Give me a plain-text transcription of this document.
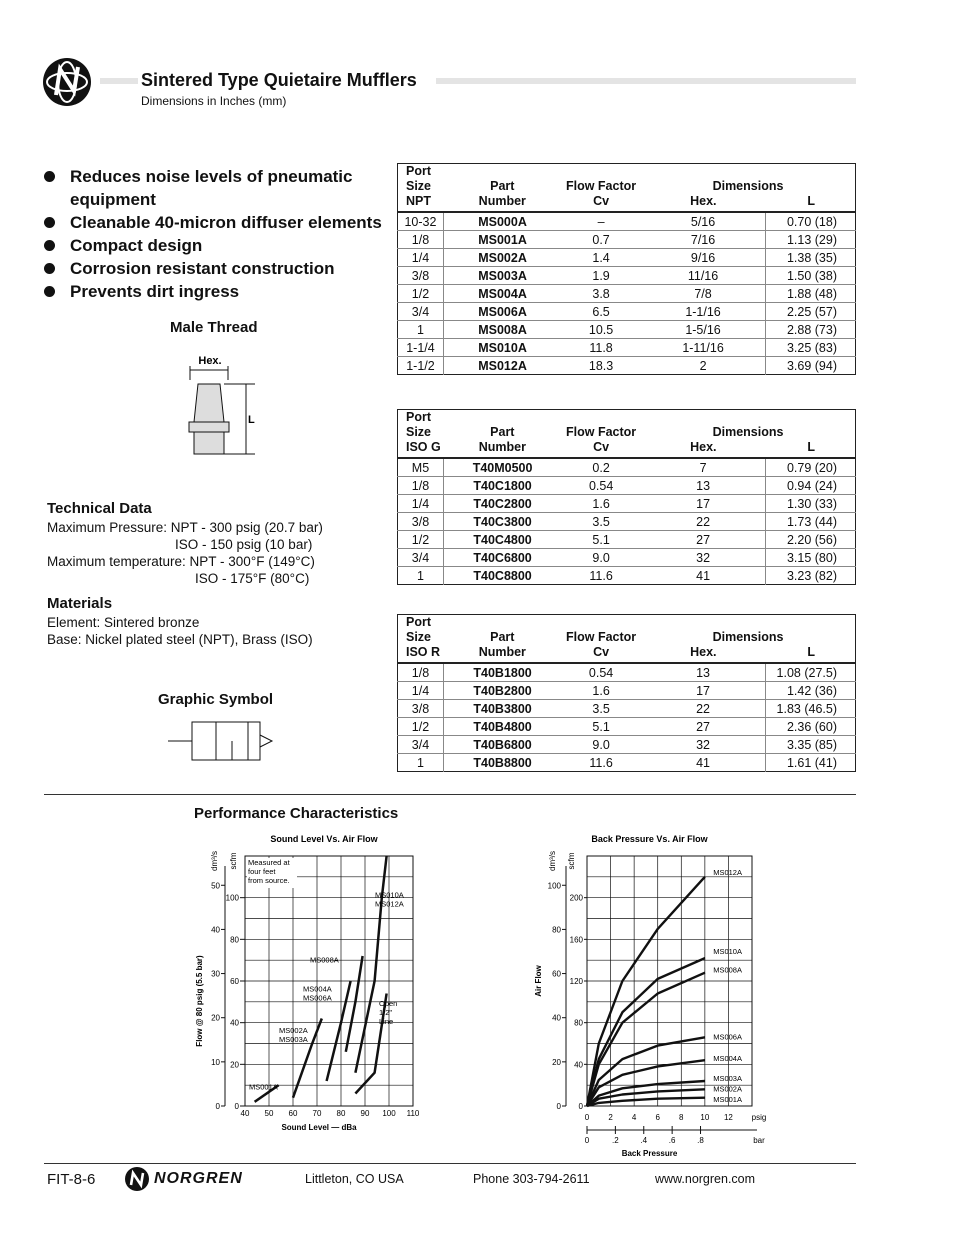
Sintered Type Quietaire Mufflers
Dimensions in Inches (mm)
Reduces noise levels of pneumatic equipment
Cleanable 40-micron diffuser elements
Compact design
Corrosion resistant construction
Prevents dirt ingress
Male Thread
Hex.
L
Technical Data
Maximum Pressure: NPT - 300 psig (20.7 bar)
ISO - 150 psig (10 bar)
Maximum temperature: NPT - 300°F (149°C)
ISO - 175°F (80°C)
Materials
Element: Sintered bronze
Base: Nickel plated steel (NPT), Brass (ISO)
Graphic Symbol
Port				
Size	Part	Flow Factor	Dimensions	
NPT	Number	Cv	Hex.	L
10-32	MS000A	–	5/16	0.70 (18)
1/8	MS001A	0.7	7/16	1.13 (29)
1/4	MS002A	1.4	9/16	1.38 (35)
3/8	MS003A	1.9	11/16	1.50 (38)
1/2	MS004A	3.8	7/8	1.88 (48)
3/4	MS006A	6.5	1-1/16	2.25 (57)
1	MS008A	10.5	1-5/16	2.88 (73)
1-1/4	MS010A	11.8	1-11/16	3.25 (83)
1-1/2	MS012A	18.3	2	3.69 (94)
Port				
Size	Part	Flow Factor	Dimensions	
ISO G	Number	Cv	Hex.	L
M5	T40M0500	0.2	7	0.79 (20)
1/8	T40C1800	0.54	13	0.94 (24)
1/4	T40C2800	1.6	17	1.30 (33)
3/8	T40C3800	3.5	22	1.73 (44)
1/2	T40C4800	5.1	27	2.20 (56)
3/4	T40C6800	9.0	32	3.15 (80)
1	T40C8800	11.6	41	3.23 (82)
Port				
Size	Part	Flow Factor	Dimensions	
ISO R	Number	Cv	Hex.	L
1/8	T40B1800	0.54	13	1.08 (27.5)
1/4	T40B2800	1.6	17	1.42 (36)
3/8	T40B3800	3.5	22	1.83 (46.5)
1/2	T40B4800	5.1	27	2.36 (60)
3/4	T40B6800	9.0	32	3.35 (85)
1	T40B8800	11.6	41	1.61 (41)
Performance Characteristics
Sound Level Vs. Air Flow
40 50 60 70 80 90 100 110
0
20
40
60
80
100
0
10
20
30
40
50
Sound Level — dBa
Flow @ 80 psig (5.5 bar)
dm³/s scfm Measured at
four feet
from source.
MS001A
MS002A
MS003A
MS004A
MS006A
MS008A
MS010A
MS012A
Open
1/2"
Line
Back Pressure Vs. Air Flow
0 2 4 6 8 10 12 psig
0	.2	.4	.6	.8	bar
Back Pressure
0
40
80
120
160
200
0
20
40
60
80
100
Air Flow
dm³/s scfm
MS012A
MS010A
MS008A
MS006A
MS004A
MS003A
MS002A
MS001A
FIT-8-6	NORGREN	Littleton, CO USA	Phone 303-794-2611	www.norgren.com
